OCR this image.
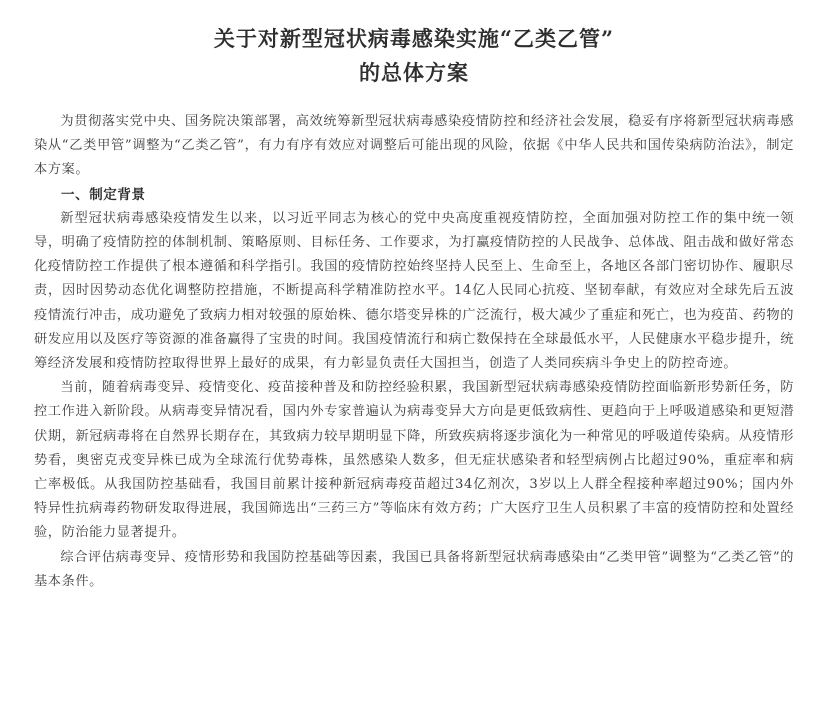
关于对新型冠状病毒感染实施“乙类乙管”
的总体方案

为贯彻落实党中央、国务院决策部署，高效统筹新型冠状病毒感染疫情防控和经济社会发展，稳妥有序将新型冠状病毒感染从“乙类甲管”调整为“乙类乙管”，有力有序有效应对调整后可能出现的风险，依据《中华人民共和国传染病防治法》，制定本方案。

一、制定背景

新型冠状病毒感染疫情发生以来，以习近平同志为核心的党中央高度重视疫情防控，全面加强对防控工作的集中统一领导，明确了疫情防控的体制机制、策略原则、目标任务、工作要求，为打赢疫情防控的人民战争、总体战、阻击战和做好常态化疫情防控工作提供了根本遵循和科学指引。我国的疫情防控始终坚持人民至上、生命至上，各地区各部门密切协作、履职尽责，因时因势动态优化调整防控措施，不断提高科学精准防控水平。14亿人民同心抗疫、坚韧奉献，有效应对全球先后五波疫情流行冲击，成功避免了致病力相对较强的原始株、德尔塔变异株的广泛流行，极大减少了重症和死亡，也为疫苗、药物的研发应用以及医疗等资源的准备赢得了宝贵的时间。我国疫情流行和病亡数保持在全球最低水平，人民健康水平稳步提升，统筹经济发展和疫情防控取得世界上最好的成果，有力彰显负责任大国担当，创造了人类同疾病斗争史上的防控奇迹。

当前，随着病毒变异、疫情变化、疫苗接种普及和防控经验积累，我国新型冠状病毒感染疫情防控面临新形势新任务，防控工作进入新阶段。从病毒变异情况看，国内外专家普遍认为病毒变异大方向是更低致病性、更趋向于上呼吸道感染和更短潜伏期，新冠病毒将在自然界长期存在，其致病力较早期明显下降，所致疾病将逐步演化为一种常见的呼吸道传染病。从疫情形势看，奥密克戎变异株已成为全球流行优势毒株，虽然感染人数多，但无症状感染者和轻型病例占比超过90%，重症率和病亡率极低。从我国防控基础看，我国目前累计接种新冠病毒疫苗超过34亿剂次，3岁以上人群全程接种率超过90%；国内外特异性抗病毒药物研发取得进展，我国筛选出“三药三方”等临床有效方药；广大医疗卫生人员积累了丰富的疫情防控和处置经验，防治能力显著提升。

综合评估病毒变异、疫情形势和我国防控基础等因素，我国已具备将新型冠状病毒感染由“乙类甲管”调整为“乙类乙管”的基本条件。
